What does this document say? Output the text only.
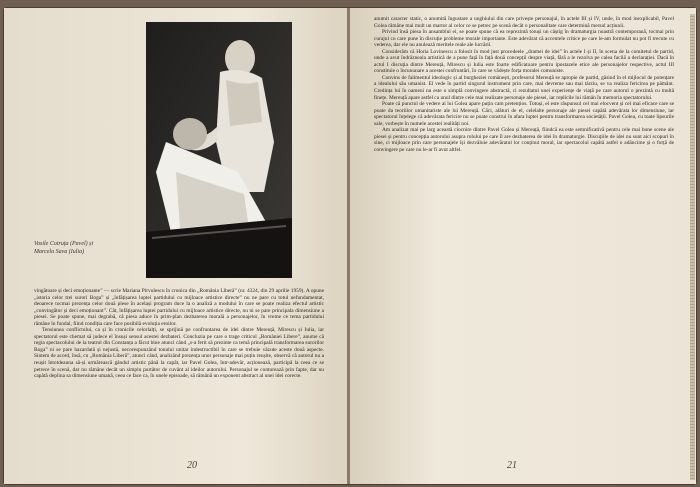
Vasile Cotruța (Pavel) și
Marcela Sava (Iulia)

vingătoare și deci emoționante” — scrie Mariana Pirvulescu în cronica din „România Liberă” (nr. 4324, din 29 aprilie 1959). A opune „istoria celor trei surori Boga” și „înfățișarea luptei partidului cu mijloace artistice directe” nu ne pare cu totul nefundamentat, deoarece tocmai prezența celor două piese în același program duce la o analiză a modului în care se poate realiza efectul artistic „convingător și deci emoționant”. Cât, înfățișarea luptei partidului cu mijloace artistice directe, nu ni se pare principala dimensiune a piesei. Se poate spune, mai degrabă, că piesa aduce în prim-plan dezbaterea morală a personajelor, în vreme ce tema partidului rămâne în fundal, fiind condiția care face posibilă evoluția eroilor.

Tensiunea conflictului, ca și în cronicile celorlalți, se sprijină pe confruntarea de idei dintre Mereuță, Mirescu și Iulia, iar spectatorul este chemat să judece el însuși sensul acestei dezbateri. Concluzia pe care o trage criticul „României Libere”, anume că regia spectacolului de la teatrul din Constanța a făcut bine atunci când „s-a ferit să prezinte ca temă principală transformarea surorilor Boga” ni se pare hazardată și nejustă, necorespunzând tonului unitar indestructibil în care se trebuie văzute aceste două aspecte. Sintem de acord, însă, cu „România Liberă”, atunci când, analizând prezența unor personaje mai puțin reușite, observă că autorul nu a reușit întotdeauna să-și urmărească gândul artistic până la capăt, iar Pavel Golea, într-adevăr, acționează, participă la ceea ce se petrece în scenă, dar nu rămâne decât un simplu purtător de cuvânt al ideilor autorului. Personajul se conturează prin fapte, dar nu capătă deplina sa dimensiune umană, ceea ce face ca, în unele episoade, să rămână un exponent abstract al unei idei corecte.

20

anumit caracter static, o anumită îngustare a unghiului din care privește personajul, în actele III și IV, unde, în mod inexplicabil, Pavel Golea rămâne mai mult un martor al celor ce se petrec pe scenă decât o personalitate care determină mersul acțiunii.

Privind însă piesa în ansamblul ei, se poate spune că ea reprezintă totuși un câștig în dramaturgia noastră contemporană, tocmai prin curajul cu care pune în discuție probleme morale importante. Este adevărat că accentele critice pe care le-am formulat nu pot fi trecute cu vederea, dar ele nu anulează meritele reale ale lucrării.

Considerăm că Horia Lovinescu a folosit în mod just procedeele „dramei de idei” în actele I și II, în scena de la comitetul de partid, unde a avut îndrăzneala artistică de a pune față în față două concepții despre viață, fără a le rezolva pe calea facilă a declarației. Dacă în actul I discuția dintre Mereuță, Mirescu și Iulia este foarte edificatoare pentru ipostazele etice ale personajelor respective, actul III constituie o încununare a acestei confruntări, în care se vădește forța moralei comuniste.

Convins de falimentul ideologic și al burgheziei românești, profesorul Mereuță se apropie de partid, găsind în el mijlocul de potențare a idealului său umanist. El vede în partid singurul instrument prin care, mai devreme sau mai târziu, se va realiza fericirea pe pământ. Credința lui în oameni nu este o simplă convingere abstractă, ci rezultatul unei experiențe de viață pe care autorul o prezintă cu multă finețe. Mereuță apare astfel ca unul dintre cele mai realizate personaje ale piesei, iar replicile lui rămân în memoria spectatorului.

Poate că punctul de vedere al lui Golea apare puțin cam pretențios. Totuși, el este răspunsul cel mai elocvent și cel mai eficace care se poate da teoriilor umanitariste ale lui Mereuță. Căci, alături de el, celelalte personaje ale piesei capătă adevărata lor dimensiune, iar spectatorul înțelege că adevărata fericire nu se poate construi în afara luptei pentru transformarea societății. Pavel Golea, cu toate lipsurile sale, vorbește în numele acestei realități noi.

Am analizat mai pe larg această ciocnire dintre Pavel Golea și Mereuță, fiindcă ea este semnificativă pentru cele mai bune scene ale piesei și pentru concepția autorului asupra rolului pe care îl are dezbaterea de idei în dramaturgie. Discuțiile de idei nu sunt aici scopuri în sine, ci mijloace prin care personajele își dezvăluie adevăratul lor conținut moral, iar spectacolul capătă astfel o adâncime și o forță de convingere pe care nu le-ar fi avut altfel.

21
